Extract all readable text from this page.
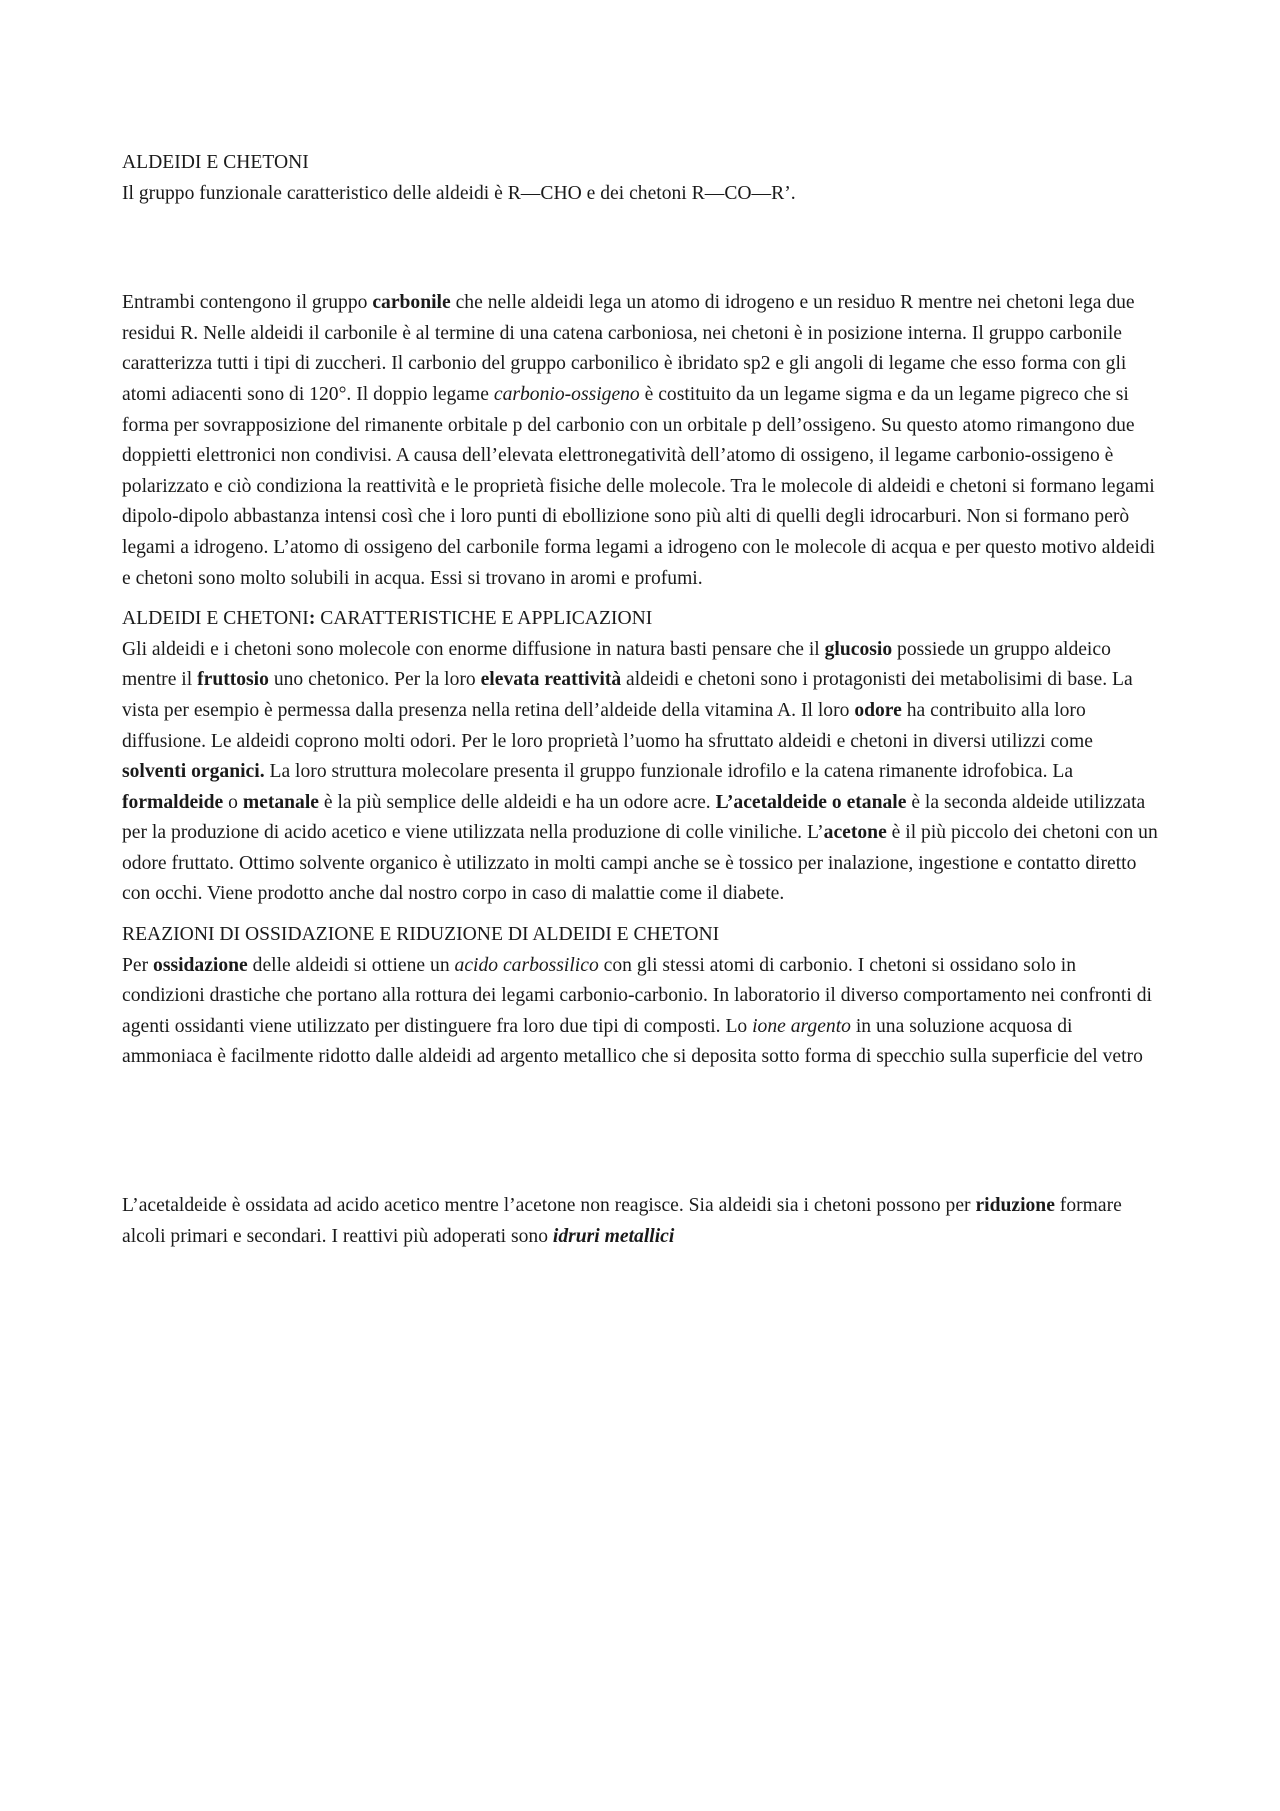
ALDEIDI E CHETONI

Il gruppo funzionale caratteristico delle aldeidi è R—CHO e dei chetoni R—CO—R’.

Entrambi contengono il gruppo carbonile che nelle aldeidi lega un atomo di idrogeno e un residuo R mentre nei chetoni lega due residui R. Nelle aldeidi il carbonile è al termine di una catena carboniosa, nei chetoni è in posizione interna. Il gruppo carbonile caratterizza tutti i tipi di zuccheri. Il carbonio del gruppo carbonilico è ibridato sp2 e gli angoli di legame che esso forma con gli atomi adiacenti sono di 120°. Il doppio legame carbonio-ossigeno è costituito da un legame sigma e da un legame pigreco che si forma per sovrapposizione del rimanente orbitale p del carbonio con un orbitale p dell’ossigeno. Su questo atomo rimangono due doppietti elettronici non condivisi. A causa dell’elevata elettronegatività dell’atomo di ossigeno, il legame carbonio-ossigeno è polarizzato e ciò condiziona la reattività e le proprietà fisiche delle molecole. Tra le molecole di aldeidi e chetoni si formano legami dipolo-dipolo abbastanza intensi così che i loro punti di ebollizione sono più alti di quelli degli idrocarburi. Non si formano però legami a idrogeno. L’atomo di ossigeno del carbonile forma legami a idrogeno con le molecole di acqua e per questo motivo aldeidi e chetoni sono molto solubili in acqua. Essi si trovano in aromi e profumi.

ALDEIDI E CHETONI: CARATTERISTICHE E APPLICAZIONI

Gli aldeidi e i chetoni sono molecole con enorme diffusione in natura basti pensare che il glucosio possiede un gruppo aldeico mentre il fruttosio uno chetonico. Per la loro elevata reattività aldeidi e chetoni sono i protagonisti dei metabolisimi di base. La vista per esempio è permessa dalla presenza nella retina dell’aldeide della vitamina A. Il loro odore ha contribuito alla loro diffusione. Le aldeidi coprono molti odori. Per le loro proprietà l’uomo ha sfruttato aldeidi e chetoni in diversi utilizzi come solventi organici. La loro struttura molecolare presenta il gruppo funzionale idrofilo e la catena rimanente idrofobica. La formaldeide o metanale è la più semplice delle aldeidi e ha un odore acre. L’acetaldeide o etanale è la seconda aldeide utilizzata per la produzione di acido acetico e viene utilizzata nella produzione di colle viniliche. L’acetone è il più piccolo dei chetoni con un odore fruttato. Ottimo solvente organico è utilizzato in molti campi anche se è tossico per inalazione, ingestione e contatto diretto con occhi. Viene prodotto anche dal nostro corpo in caso di malattie come il diabete.

REAZIONI DI OSSIDAZIONE E RIDUZIONE DI ALDEIDI E CHETONI

Per ossidazione delle aldeidi si ottiene un acido carbossilico con gli stessi atomi di carbonio. I chetoni si ossidano solo in condizioni drastiche che portano alla rottura dei legami carbonio-carbonio. In laboratorio il diverso comportamento nei confronti di agenti ossidanti viene utilizzato per distinguere fra loro due tipi di composti. Lo ione argento in una soluzione acquosa di ammoniaca è facilmente ridotto dalle aldeidi ad argento metallico che si deposita sotto forma di specchio sulla superficie del vetro

L’acetaldeide è ossidata ad acido acetico mentre l’acetone non reagisce. Sia aldeidi sia i chetoni possono per riduzione formare alcoli primari e secondari. I reattivi più adoperati sono idruri metallici
